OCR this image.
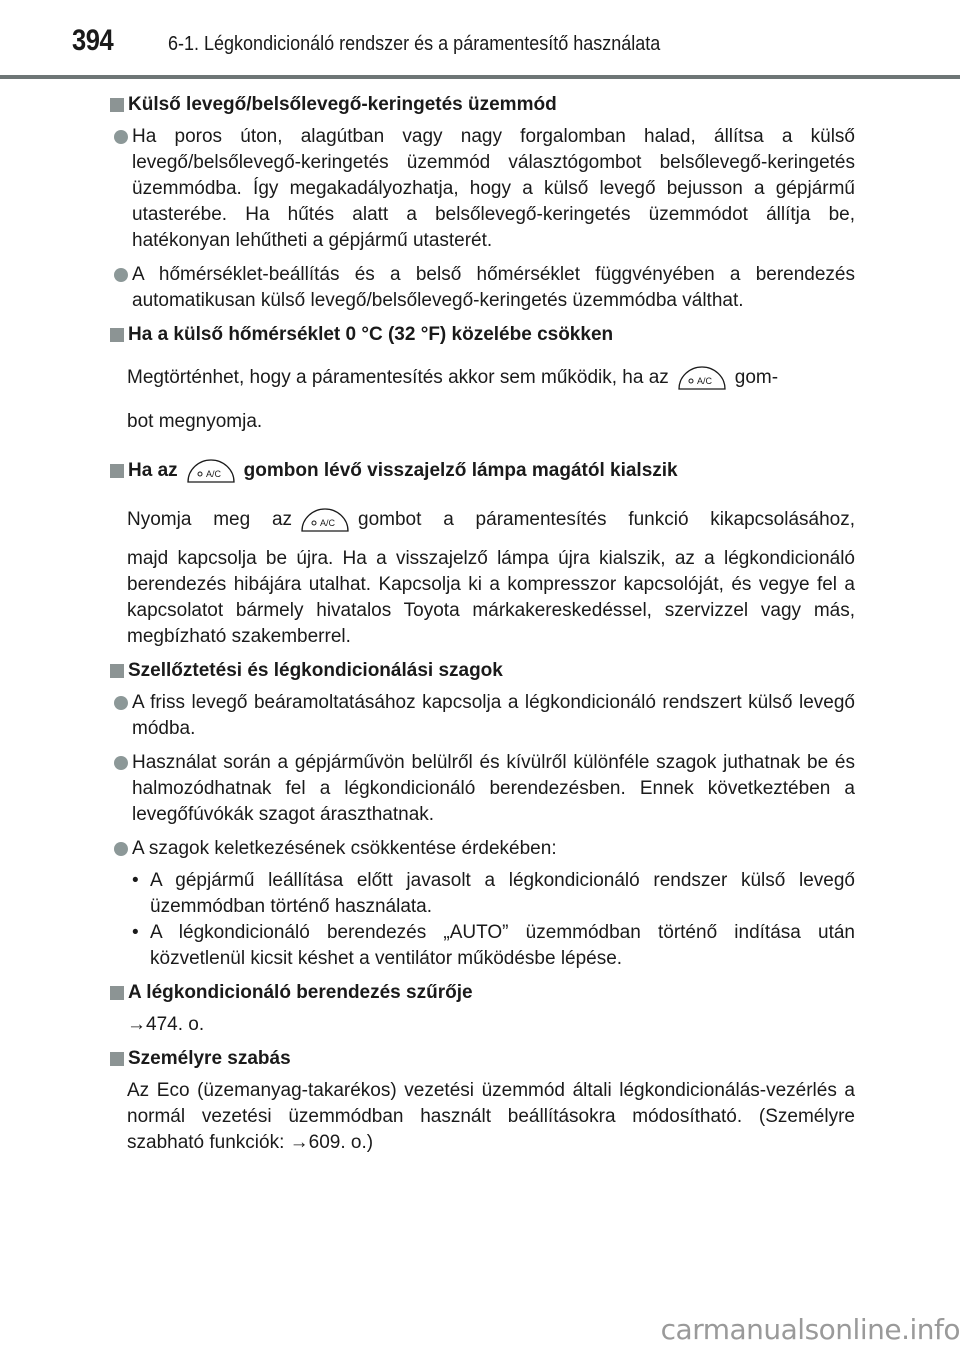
394	6-1. Légkondicionáló rendszer és a páramentesítő használata
Külső levegő/belsőlevegő-keringetés üzemmód
Ha poros úton, alagútban vagy nagy forgalomban halad, állítsa a külső levegő/belsőlevegő-keringetés üzemmód választógombot belsőlevegő-keringetés üzemmódba. Így megakadályozhatja, hogy a külső levegő bejusson a gépjármű utasterébe. Ha hűtés alatt a belsőlevegő-keringetés üzemmódot állítja be, hatékonyan lehűtheti a gépjármű utasterét.
A hőmérséklet-beállítás és a belső hőmérséklet függvényében a berendezés automatikusan külső levegő/belsőlevegő-keringetés üzemmódba válthat.
Ha a külső hőmérséklet 0 °C (32 °F) közelébe csökken
Megtörténhet, hogy a páramentesítés akkor sem működik, ha az	A/C gom-
bot megnyomja.
Ha az	A/C gombon lévő visszajelző lámpa magától kialszik
Nyomja meg az	A/C gombot a páramentesítés funkció kikapcsolásához,
majd kapcsolja be újra. Ha a visszajelző lámpa újra kialszik, az a légkondicionáló berendezés hibájára utalhat. Kapcsolja ki a kompresszor kapcsolóját, és vegye fel a kapcsolatot bármely hivatalos Toyota márkakereskedéssel, szervizzel vagy más, megbízható szakemberrel.
Szellőztetési és légkondicionálási szagok
A friss levegő beáramoltatásához kapcsolja a légkondicionáló rendszert külső levegő módba.
Használat során a gépjárművön belülről és kívülről különféle szagok juthatnak be és halmozódhatnak fel a légkondicionáló berendezésben. Ennek következtében a levegőfúvókák szagot áraszthatnak.
A szagok keletkezésének csökkentése érdekében:
• A gépjármű leállítása előtt javasolt a légkondicionáló rendszer külső levegő üzemmódban történő használata.
• A légkondicionáló berendezés „AUTO” üzemmódban történő indítása után közvetlenül kicsit késhet a ventilátor működésbe lépése.
A légkondicionáló berendezés szűrője
→474. o.
Személyre szabás
Az Eco (üzemanyag-takarékos) vezetési üzemmód általi légkondicionálás-vezérlés a normál vezetési üzemmódban használt beállításokra módosítható. (Személyre szabható funkciók: →609. o.)
carmanualsonline.info
